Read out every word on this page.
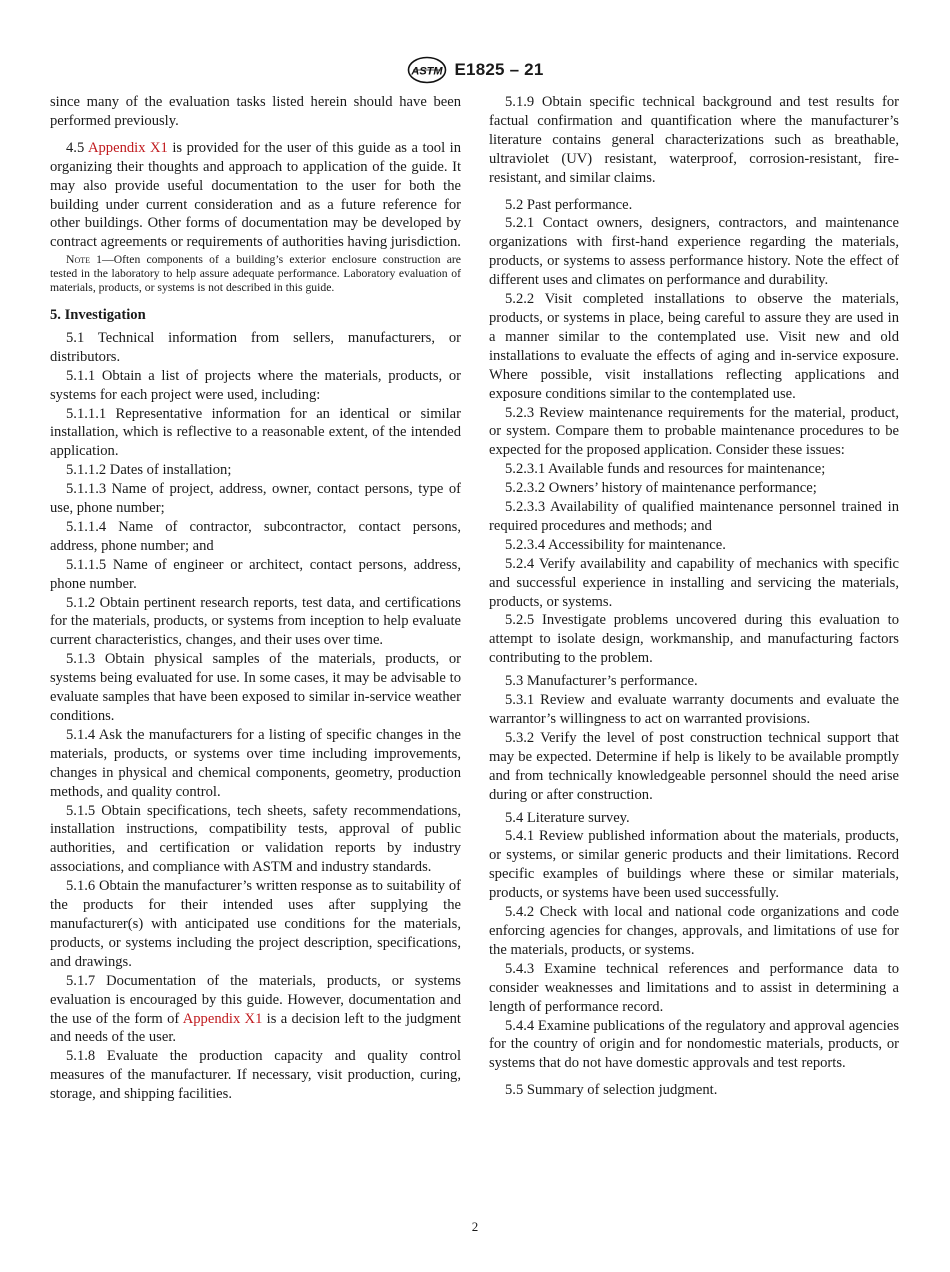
ASTM E1825 – 21

since many of the evaluation tasks listed herein should have been performed previously.

4.5 Appendix X1 is provided for the user of this guide as a tool in organizing their thoughts and approach to application of the guide. It may also provide useful documentation to the user for both the building under current consideration and as a future reference for other buildings. Other forms of documentation may be developed by contract agreements or requirements of authorities having jurisdiction.

Note 1—Often components of a building’s exterior enclosure construction are tested in the laboratory to help assure adequate performance. Laboratory evaluation of materials, products, or systems is not described in this guide.

5. Investigation

5.1 Technical information from sellers, manufacturers, or distributors.

5.1.1 Obtain a list of projects where the materials, products, or systems for each project were used, including:

5.1.1.1 Representative information for an identical or similar installation, which is reflective to a reasonable extent, of the intended application.

5.1.1.2 Dates of installation;

5.1.1.3 Name of project, address, owner, contact persons, type of use, phone number;

5.1.1.4 Name of contractor, subcontractor, contact persons, address, phone number; and

5.1.1.5 Name of engineer or architect, contact persons, address, phone number.

5.1.2 Obtain pertinent research reports, test data, and certifications for the materials, products, or systems from inception to help evaluate current characteristics, changes, and their uses over time.

5.1.3 Obtain physical samples of the materials, products, or systems being evaluated for use. In some cases, it may be advisable to evaluate samples that have been exposed to similar in-service weather conditions.

5.1.4 Ask the manufacturers for a listing of specific changes in the materials, products, or systems over time including improvements, changes in physical and chemical components, geometry, production methods, and quality control.

5.1.5 Obtain specifications, tech sheets, safety recommendations, installation instructions, compatibility tests, approval of public authorities, and certification or validation reports by industry associations, and compliance with ASTM and industry standards.

5.1.6 Obtain the manufacturer’s written response as to suitability of the products for their intended uses after supplying the manufacturer(s) with anticipated use conditions for the materials, products, or systems including the project description, specifications, and drawings.

5.1.7 Documentation of the materials, products, or systems evaluation is encouraged by this guide. However, documentation and the use of the form of Appendix X1 is a decision left to the judgment and needs of the user.

5.1.8 Evaluate the production capacity and quality control measures of the manufacturer. If necessary, visit production, curing, storage, and shipping facilities.

5.1.9 Obtain specific technical background and test results for factual confirmation and quantification where the manufacturer’s literature contains general characterizations such as breathable, ultraviolet (UV) resistant, waterproof, corrosion-resistant, fire-resistant, and similar claims.

5.2 Past performance.

5.2.1 Contact owners, designers, contractors, and maintenance organizations with first-hand experience regarding the materials, products, or systems to assess performance history. Note the effect of different uses and climates on performance and durability.

5.2.2 Visit completed installations to observe the materials, products, or systems in place, being careful to assure they are used in a manner similar to the contemplated use. Visit new and old installations to evaluate the effects of aging and in-service exposure. Where possible, visit installations reflecting applications and exposure conditions similar to the contemplated use.

5.2.3 Review maintenance requirements for the material, product, or system. Compare them to probable maintenance procedures to be expected for the proposed application. Consider these issues:

5.2.3.1 Available funds and resources for maintenance;

5.2.3.2 Owners’ history of maintenance performance;

5.2.3.3 Availability of qualified maintenance personnel trained in required procedures and methods; and

5.2.3.4 Accessibility for maintenance.

5.2.4 Verify availability and capability of mechanics with specific and successful experience in installing and servicing the materials, products, or systems.

5.2.5 Investigate problems uncovered during this evaluation to attempt to isolate design, workmanship, and manufacturing factors contributing to the problem.

5.3 Manufacturer’s performance.

5.3.1 Review and evaluate warranty documents and evaluate the warrantor’s willingness to act on warranted provisions.

5.3.2 Verify the level of post construction technical support that may be expected. Determine if help is likely to be available promptly and from technically knowledgeable personnel should the need arise during or after construction.

5.4 Literature survey.

5.4.1 Review published information about the materials, products, or systems, or similar generic products and their limitations. Record specific examples of buildings where these or similar materials, products, or systems have been used successfully.

5.4.2 Check with local and national code organizations and code enforcing agencies for changes, approvals, and limitations of use for the materials, products, or systems.

5.4.3 Examine technical references and performance data to consider weaknesses and limitations and to assist in determining a length of performance record.

5.4.4 Examine publications of the regulatory and approval agencies for the country of origin and for nondomestic materials, products, or systems that do not have domestic approvals and test reports.

5.5 Summary of selection judgment.

2
